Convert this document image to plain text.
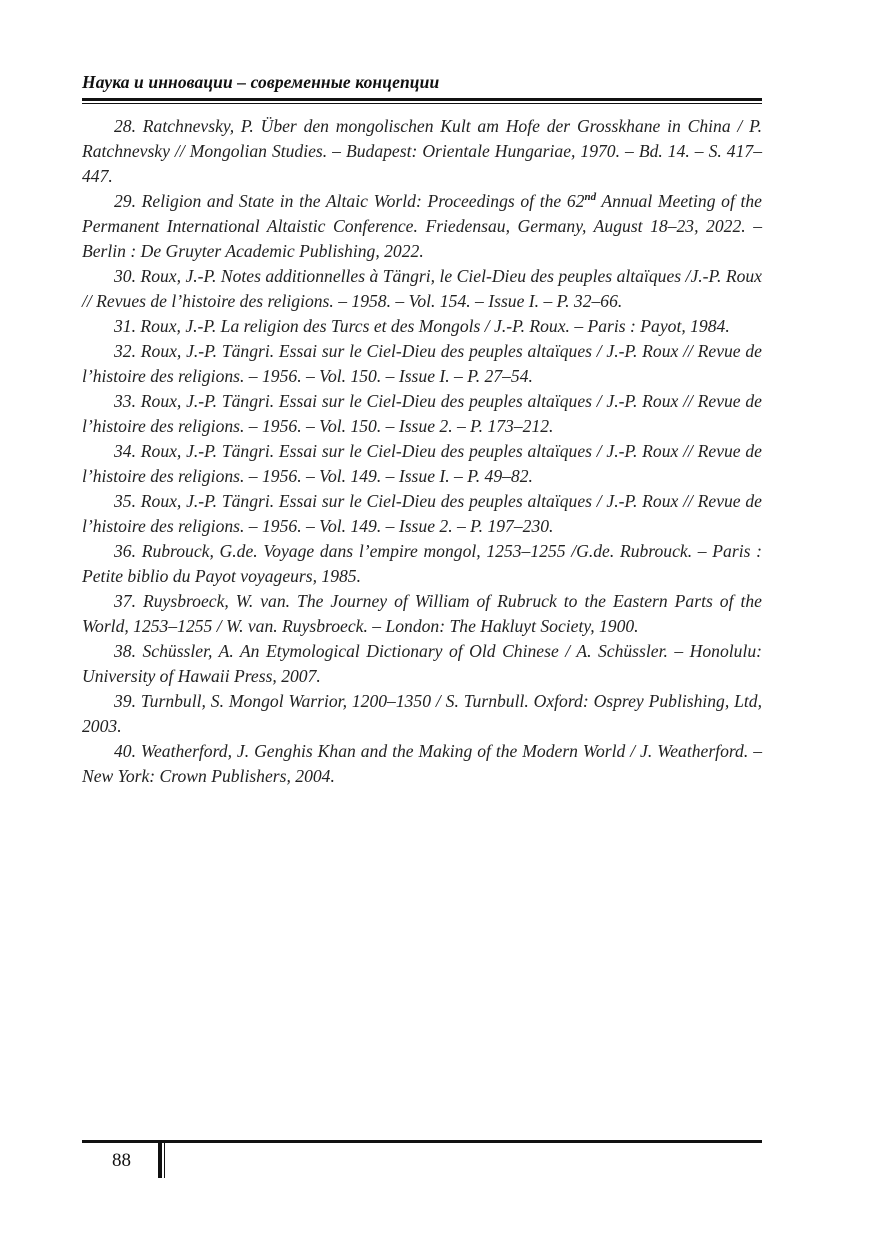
Наука и инновации – современные концепции

28. Ratchnevsky, P. Über den mongolischen Kult am Hofe der Grosskhane in China / P. Ratchnevsky // Mongolian Studies. – Budapest: Orientale Hungariae, 1970. – Bd. 14. – S. 417–447.

29. Religion and State in the Altaic World: Proceedings of the 62nd Annual Meeting of the Permanent International Altaistic Conference. Friedensau, Germany, August 18–23, 2022. – Berlin : De Gruyter Academic Publishing, 2022.

30. Roux, J.-P. Notes additionnelles à Tängri, le Ciel-Dieu des peuples altaïques /J.-P. Roux // Revues de l’histoire des religions. – 1958. – Vol. 154. – Issue I. – P. 32–66.

31. Roux, J.-P. La religion des Turcs et des Mongols / J.-P. Roux. – Paris : Payot, 1984.

32. Roux, J.-P. Tängri. Essai sur le Ciel-Dieu des peuples altaïques / J.-P. Roux // Revue de l’histoire des religions. – 1956. – Vol. 150. – Issue I. – P. 27–54.

33. Roux, J.-P. Tängri. Essai sur le Ciel-Dieu des peuples altaïques / J.-P. Roux // Revue de l’histoire des religions. – 1956. – Vol. 150. – Issue 2. – P. 173–212.

34. Roux, J.-P. Tängri. Essai sur le Ciel-Dieu des peuples altaïques / J.-P. Roux // Revue de l’histoire des religions. – 1956. – Vol. 149. – Issue I. – P. 49–82.

35. Roux, J.-P. Tängri. Essai sur le Ciel-Dieu des peuples altaïques / J.-P. Roux // Revue de l’histoire des religions. – 1956. – Vol. 149. – Issue 2. – P. 197–230.

36. Rubrouck, G.de. Voyage dans l’empire mongol, 1253–1255 /G.de. Rubrouck. – Paris : Petite biblio du Payot voyageurs, 1985.

37. Ruysbroeck, W. van. The Journey of William of Rubruck to the Eastern Parts of the World, 1253–1255 / W. van. Ruysbroeck. – London: The Hakluyt Society, 1900.

38. Schüssler, A. An Etymological Dictionary of Old Chinese / A. Schüssler. – Honolulu: University of Hawaii Press, 2007.

39. Turnbull, S. Mongol Warrior, 1200–1350 / S. Turnbull. Oxford: Osprey Publishing, Ltd, 2003.

40. Weatherford, J. Genghis Khan and the Making of the Modern World / J. Weatherford. – New York: Crown Publishers, 2004.

88
